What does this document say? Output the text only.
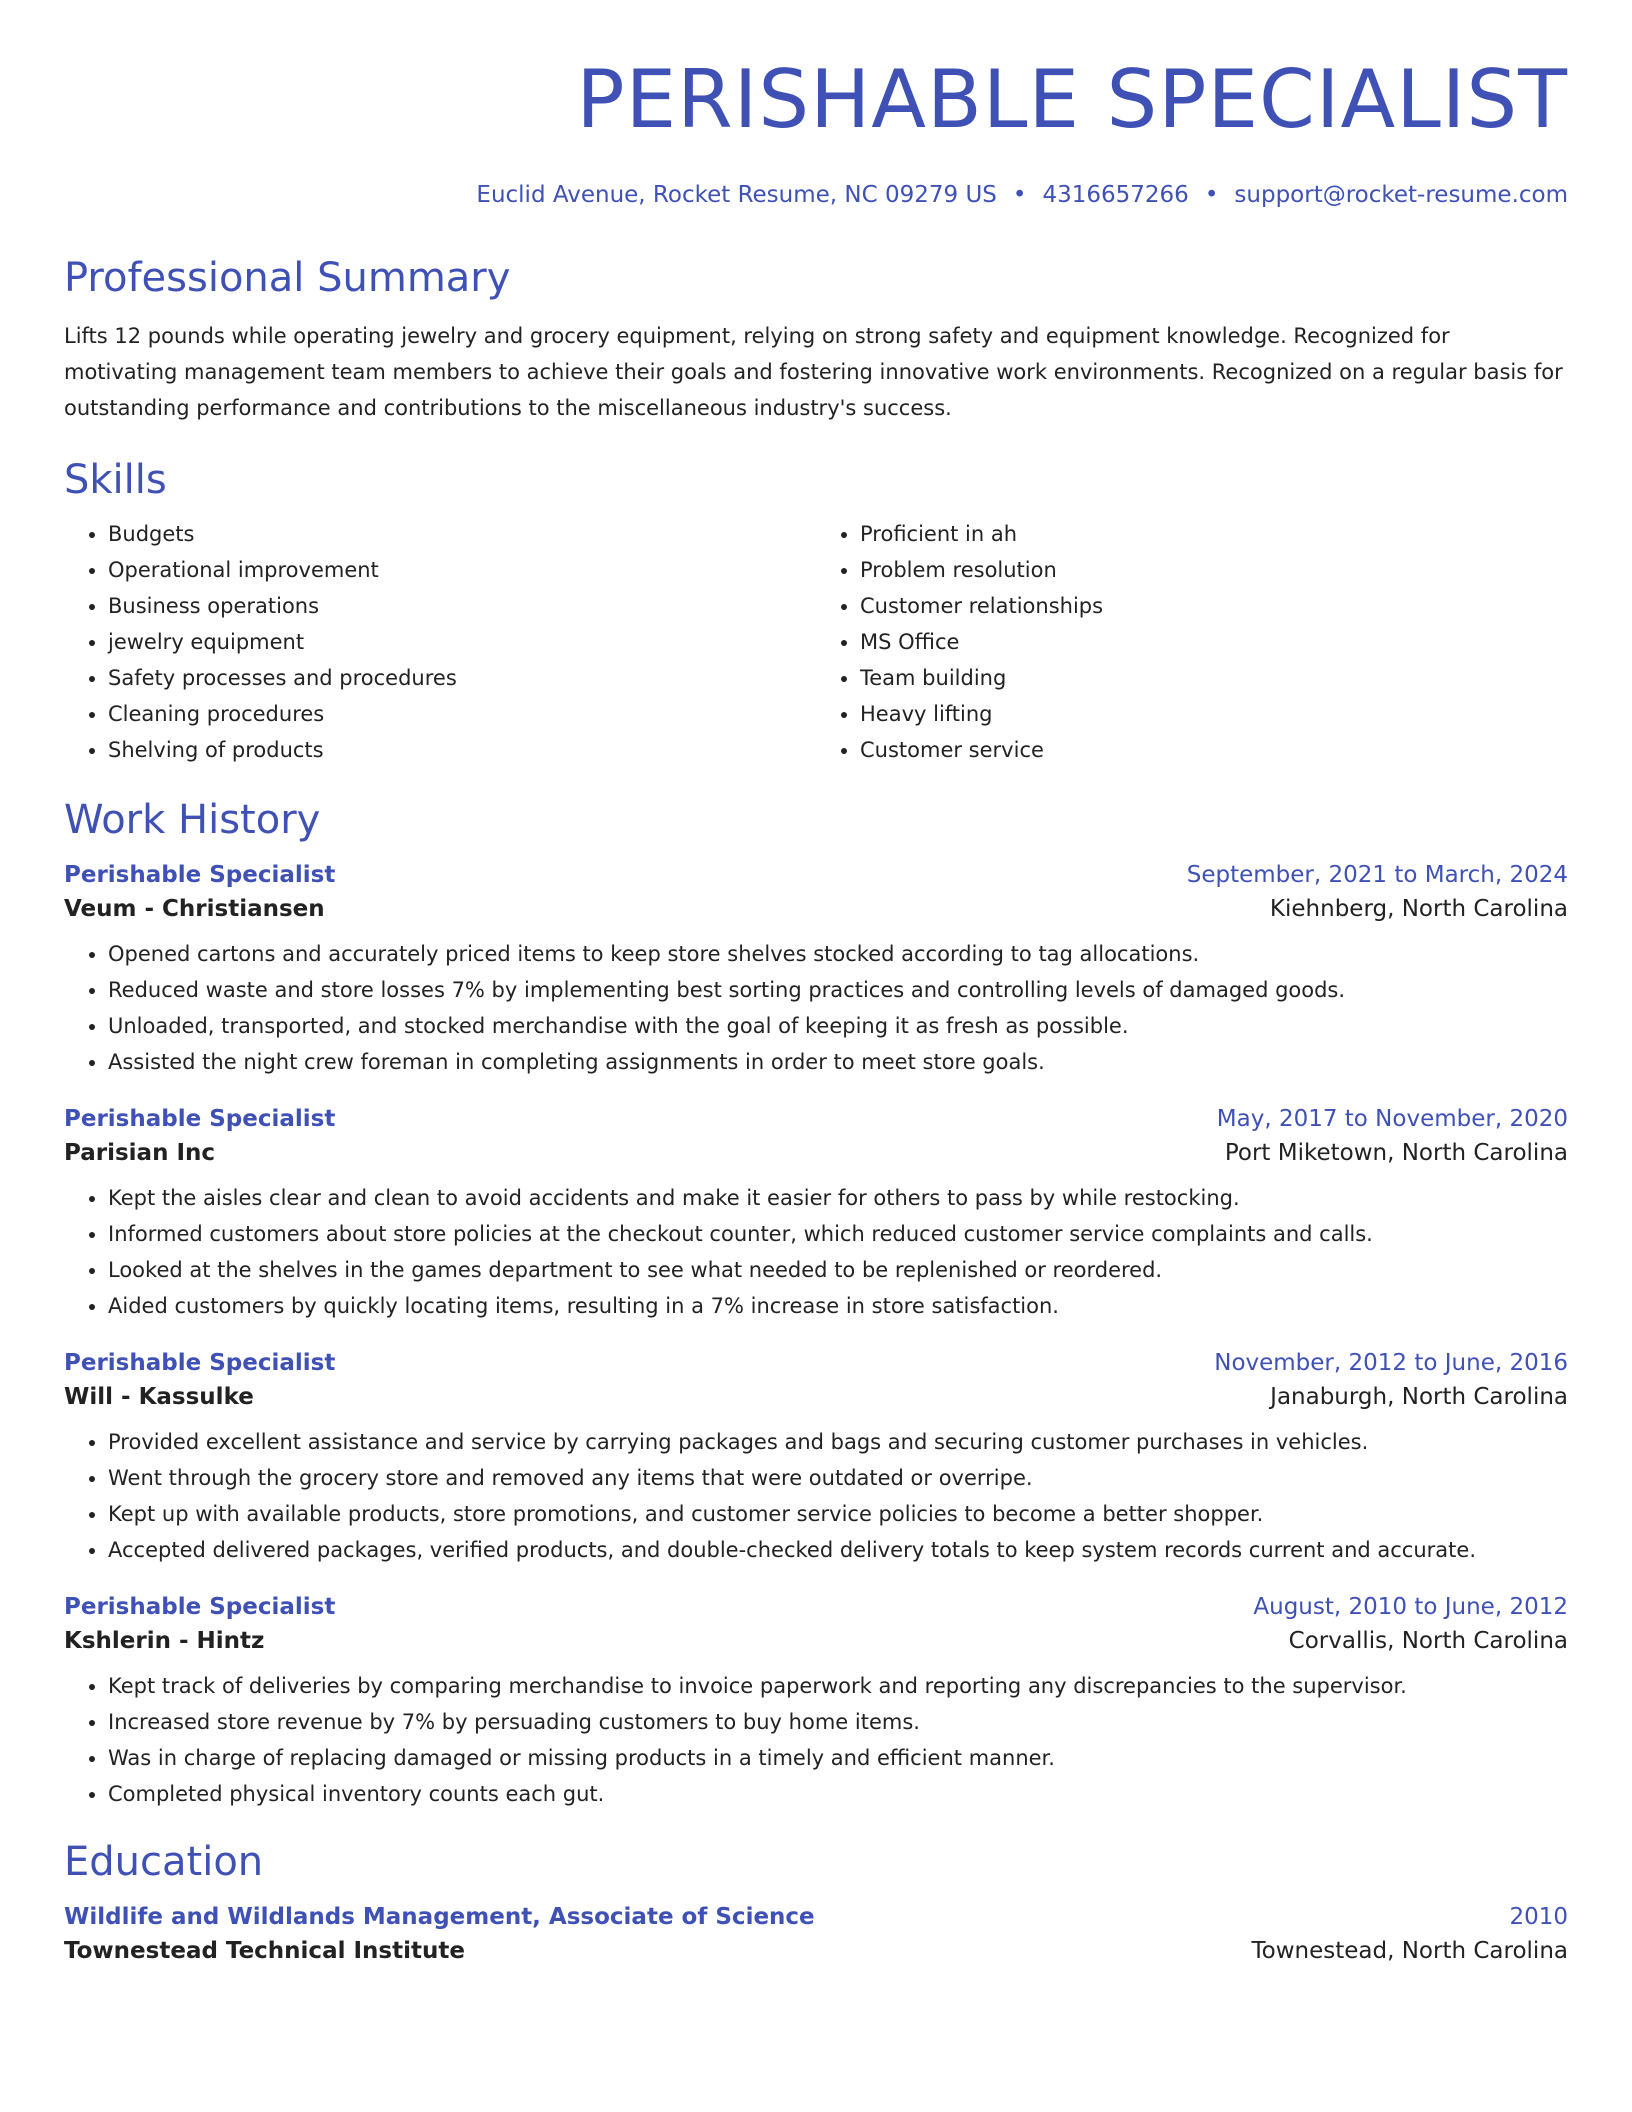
PERISHABLE SPECIALIST
Euclid Avenue, Rocket Resume, NC 09279 US • 4316657266 • support@rocket-resume.com
Professional Summary
Lifts 12 pounds while operating jewelry and grocery equipment, relying on strong safety and equipment knowledge. Recognized for motivating management team members to achieve their goals and fostering innovative work environments. Recognized on a regular basis for outstanding performance and contributions to the miscellaneous industry's success.
Skills
• Budgets
• Operational improvement
• Business operations
• jewelry equipment
• Safety processes and procedures
• Cleaning procedures
• Shelving of products
• Proficient in ah
• Problem resolution
• Customer relationships
• MS Office
• Team building
• Heavy lifting
• Customer service
Work History
Perishable Specialist	September, 2021 to March, 2024
Veum - Christiansen	Kiehnberg, North Carolina
• Opened cartons and accurately priced items to keep store shelves stocked according to tag allocations.
• Reduced waste and store losses 7% by implementing best sorting practices and controlling levels of damaged goods.
• Unloaded, transported, and stocked merchandise with the goal of keeping it as fresh as possible.
• Assisted the night crew foreman in completing assignments in order to meet store goals.
Perishable Specialist	May, 2017 to November, 2020
Parisian Inc	Port Miketown, North Carolina
• Kept the aisles clear and clean to avoid accidents and make it easier for others to pass by while restocking.
• Informed customers about store policies at the checkout counter, which reduced customer service complaints and calls.
• Looked at the shelves in the games department to see what needed to be replenished or reordered.
• Aided customers by quickly locating items, resulting in a 7% increase in store satisfaction.
Perishable Specialist	November, 2012 to June, 2016
Will - Kassulke	Janaburgh, North Carolina
• Provided excellent assistance and service by carrying packages and bags and securing customer purchases in vehicles.
• Went through the grocery store and removed any items that were outdated or overripe.
• Kept up with available products, store promotions, and customer service policies to become a better shopper.
• Accepted delivered packages, verified products, and double-checked delivery totals to keep system records current and accurate.
Perishable Specialist	August, 2010 to June, 2012
Kshlerin - Hintz	Corvallis, North Carolina
• Kept track of deliveries by comparing merchandise to invoice paperwork and reporting any discrepancies to the supervisor.
• Increased store revenue by 7% by persuading customers to buy home items.
• Was in charge of replacing damaged or missing products in a timely and efficient manner.
• Completed physical inventory counts each gut.
Education
Wildlife and Wildlands Management, Associate of Science	2010
Townestead Technical Institute	Townestead, North Carolina
